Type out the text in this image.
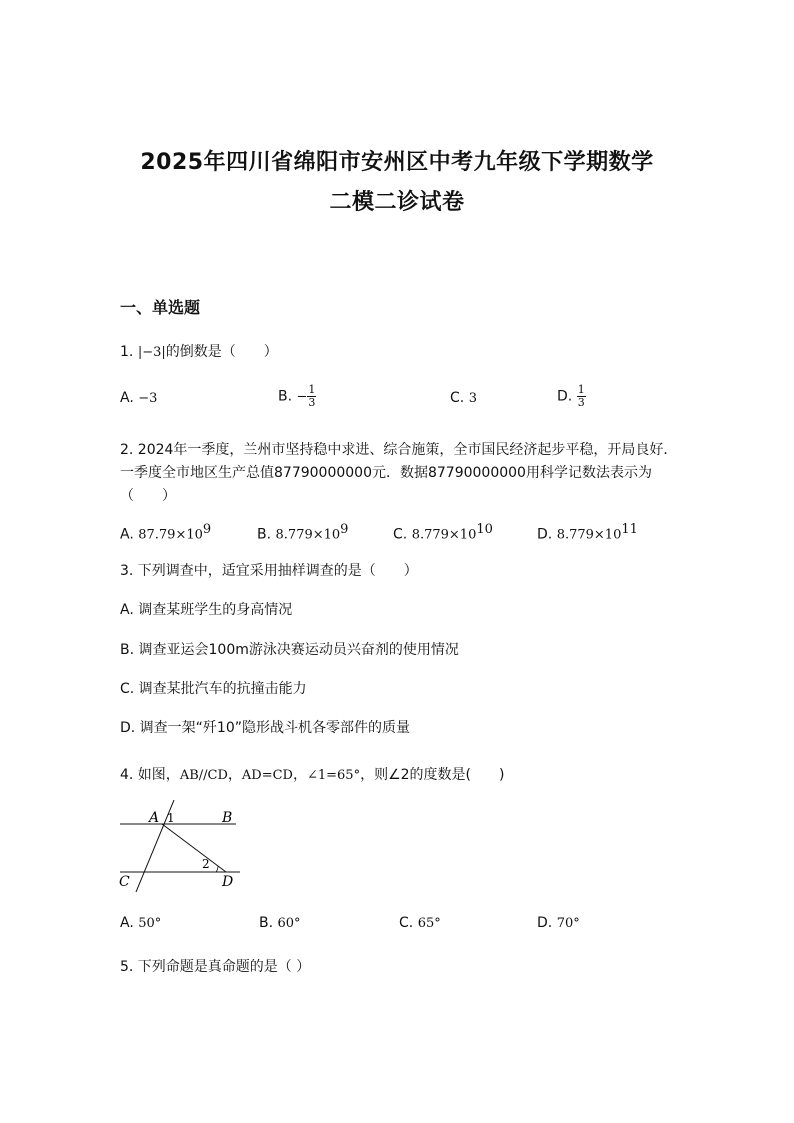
2025年四川省绵阳市安州区中考九年级下学期数学
二模二诊试卷
一、单选题
1. |−3|的倒数是（　　）
A. −3	B. − $\frac{1}{3}$	C. 3	D. $\frac{1}{3}$
2. 2024年一季度，兰州市坚持稳中求进、综合施策，全市国民经济起步平稳，开局良好．一季度全市地区生产总值87790000000元．数据87790000000用科学记数法表示为（　　）
A. $87.79\times 10^9$	B. $8.779\times 10^9$	C. $8.779\times 10^{10}$	D. $8.779\times 10^{11}$
3. 下列调查中，适宜采用抽样调查的是（　　）
A. 调查某班学生的身高情况
B. 调查亚运会100m游泳决赛运动员兴奋剂的使用情况
C. 调查某批汽车的抗撞击能力
D. 调查一架“歼10”隐形战斗机各零部件的质量
4. 如图，AB//CD，AD=CD，∠1=65°，则∠2的度数是(　　)
A 1	B
C	D
2
A. 50°	B. 60°	C. 65°	D. 70°
5. 下列命题是真命题的是（ ）
